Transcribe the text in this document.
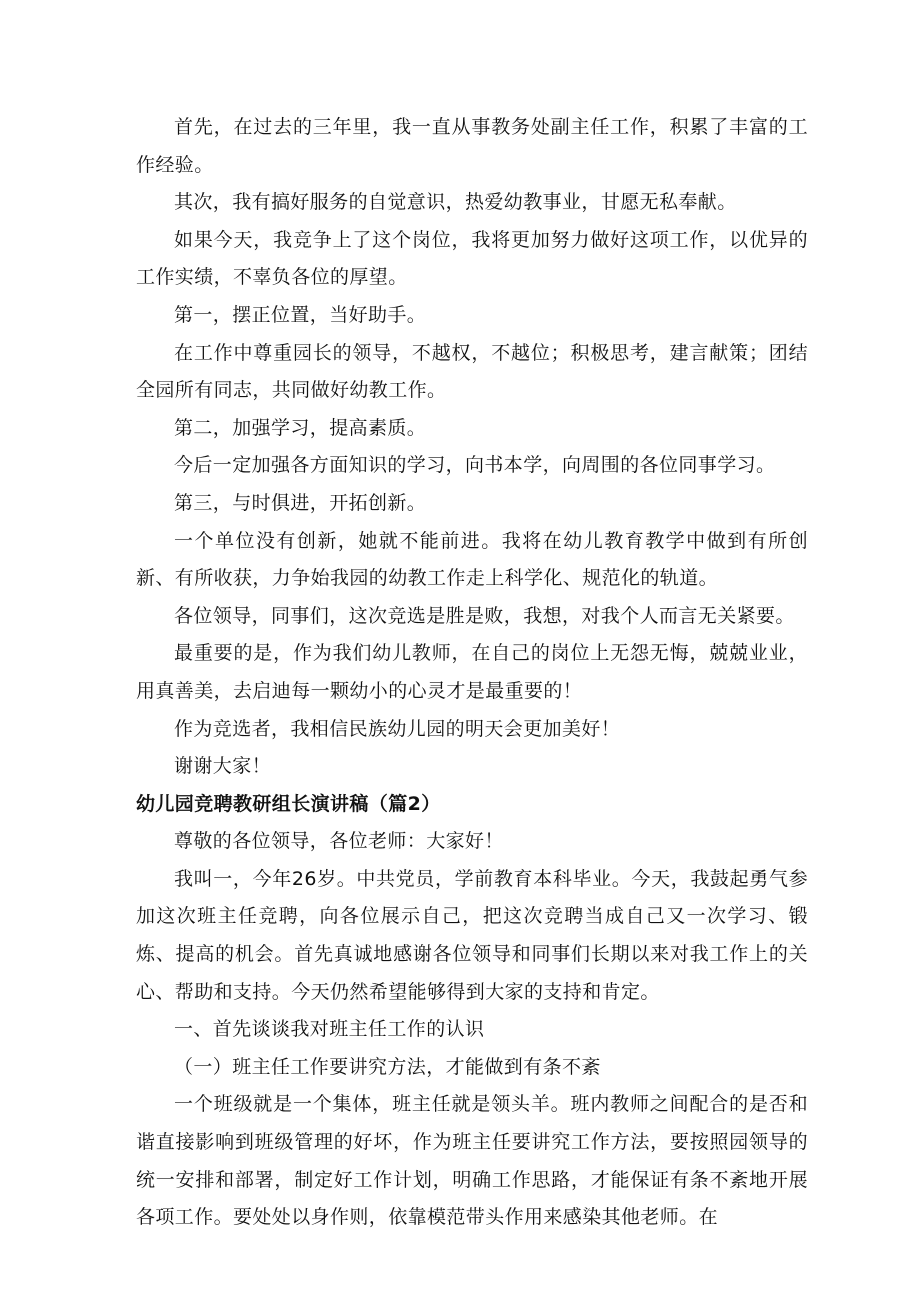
首先，在过去的三年里，我一直从事教务处副主任工作，积累了丰富的工作经验。

其次，我有搞好服务的自觉意识，热爱幼教事业，甘愿无私奉献。

如果今天，我竞争上了这个岗位，我将更加努力做好这项工作，以优异的工作实绩，不辜负各位的厚望。

第一，摆正位置，当好助手。

在工作中尊重园长的领导，不越权，不越位；积极思考，建言献策；团结全园所有同志，共同做好幼教工作。

第二，加强学习，提高素质。

今后一定加强各方面知识的学习，向书本学，向周围的各位同事学习。

第三，与时俱进，开拓创新。

一个单位没有创新，她就不能前进。我将在幼儿教育教学中做到有所创新、有所收获，力争始我园的幼教工作走上科学化、规范化的轨道。

各位领导，同事们，这次竞选是胜是败，我想，对我个人而言无关紧要。

最重要的是，作为我们幼儿教师，在自己的岗位上无怨无悔，兢兢业业，用真善美，去启迪每一颗幼小的心灵才是最重要的！

作为竞选者，我相信民族幼儿园的明天会更加美好！

谢谢大家！

幼儿园竞聘教研组长演讲稿（篇2）

尊敬的各位领导，各位老师：大家好！

我叫一，今年26岁。中共党员，学前教育本科毕业。今天，我鼓起勇气参加这次班主任竞聘，向各位展示自己，把这次竞聘当成自己又一次学习、锻炼、提高的机会。首先真诚地感谢各位领导和同事们长期以来对我工作上的关心、帮助和支持。今天仍然希望能够得到大家的支持和肯定。

一、首先谈谈我对班主任工作的认识

（一）班主任工作要讲究方法，才能做到有条不紊

一个班级就是一个集体，班主任就是领头羊。班内教师之间配合的是否和谐直接影响到班级管理的好坏，作为班主任要讲究工作方法，要按照园领导的统一安排和部署，制定好工作计划，明确工作思路，才能保证有条不紊地开展各项工作。要处处以身作则，依靠模范带头作用来感染其他老师。在
